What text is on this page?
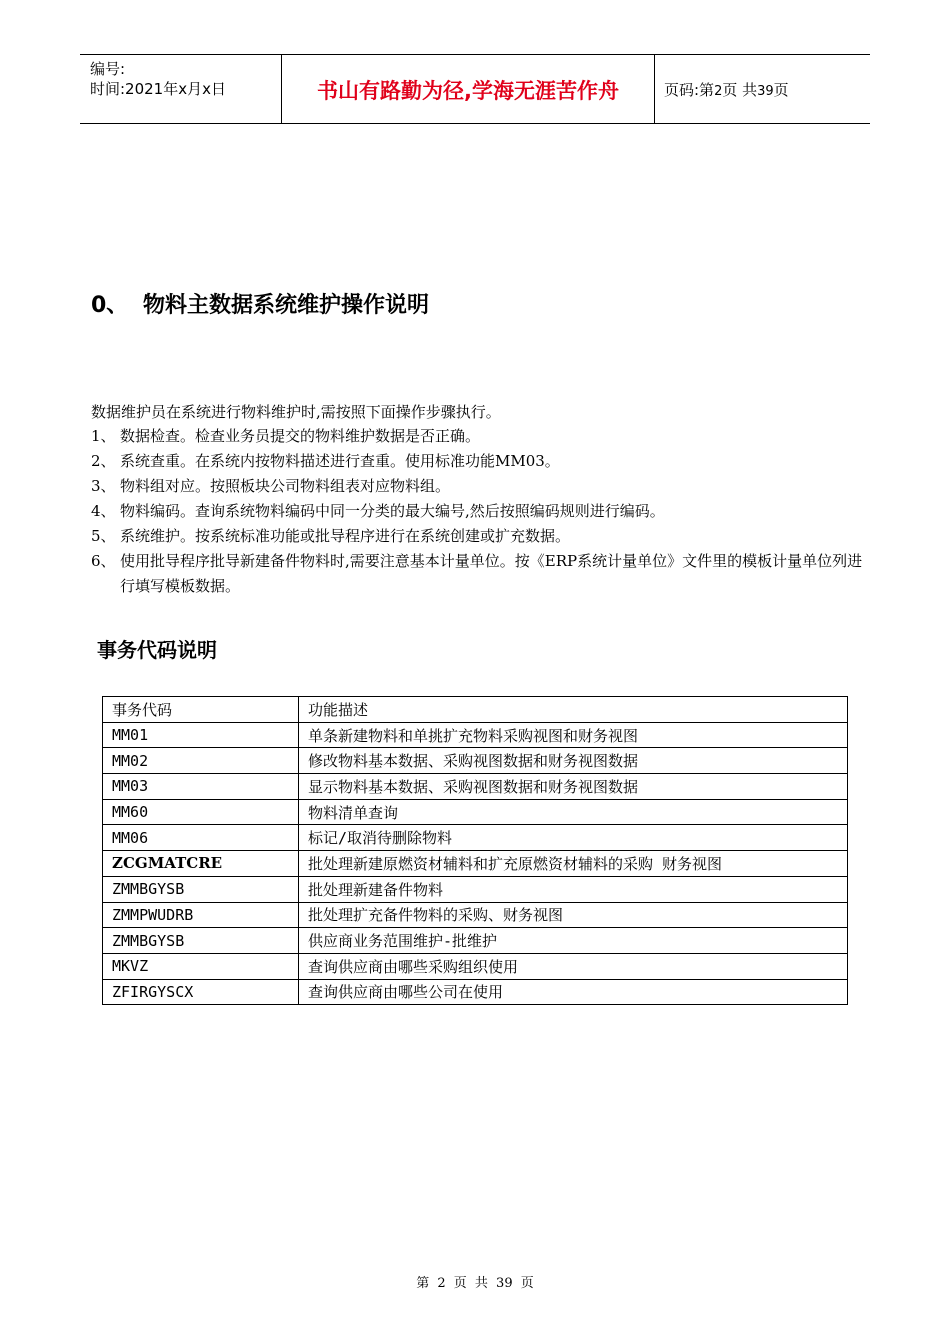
编号:
时间:2021年x月x日	书山有路勤为径,学海无涯苦作舟	页码:第2页 共39页
0、 物料主数据系统维护操作说明
数据维护员在系统进行物料维护时,需按照下面操作步骤执行。
1、 数据检查。检查业务员提交的物料维护数据是否正确。
2、 系统查重。在系统内按物料描述进行查重。使用标准功能MM03。
3、 物料组对应。按照板块公司物料组表对应物料组。
4、 物料编码。查询系统物料编码中同一分类的最大编号,然后按照编码规则进行编码。
5、 系统维护。按系统标准功能或批导程序进行在系统创建或扩充数据。
6、 使用批导程序批导新建备件物料时,需要注意基本计量单位。按《ERP系统计量单位》文件里的模板计量单位列进行填写模板数据。
事务代码说明
事务代码	功能描述
MM01	单条新建物料和单挑扩充物料采购视图和财务视图
MM02	修改物料基本数据、采购视图数据和财务视图数据
MM03	显示物料基本数据、采购视图数据和财务视图数据
MM60	物料清单查询
MM06	标记/取消待删除物料
ZCGMATCRE	批处理新建原燃资材辅料和扩充原燃资材辅料的采购 财务视图
ZMMBGYSB	批处理新建备件物料
ZMMPWUDRB	批处理扩充备件物料的采购、财务视图
ZMMBGYSB	供应商业务范围维护-批维护
MKVZ	查询供应商由哪些采购组织使用
ZFIRGYSCX	查询供应商由哪些公司在使用
第 2 页 共 39 页
